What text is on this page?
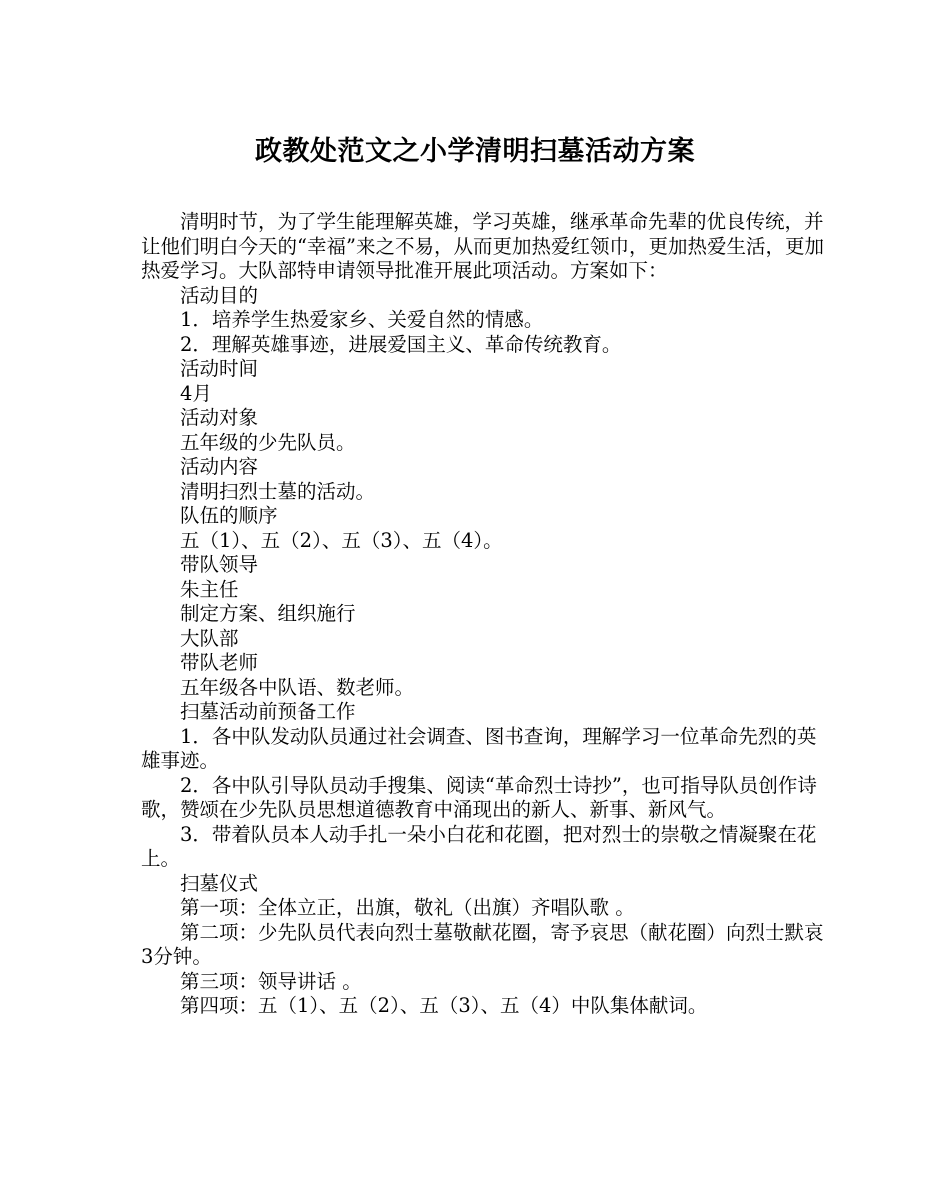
政教处范文之小学清明扫墓活动方案

清明时节，为了学生能理解英雄，学习英雄，继承革命先辈的优良传统，并让他们明白今天的“幸福”来之不易，从而更加热爱红领巾，更加热爱生活，更加热爱学习。大队部特申请领导批准开展此项活动。方案如下：

活动目的

1．培养学生热爱家乡、关爱自然的情感。

2．理解英雄事迹，进展爱国主义、革命传统教育。

活动时间

4月

活动对象

五年级的少先队员。

活动内容

清明扫烈士墓的活动。

队伍的顺序

五（1）、五（2）、五（3）、五（4）。

带队领导

朱主任

制定方案、组织施行

大队部

带队老师

五年级各中队语、数老师。

扫墓活动前预备工作

1．各中队发动队员通过社会调查、图书查询，理解学习一位革命先烈的英雄事迹。

2．各中队引导队员动手搜集、阅读“革命烈士诗抄”，也可指导队员创作诗歌，赞颂在少先队员思想道德教育中涌现出的新人、新事、新风气。

3．带着队员本人动手扎一朵小白花和花圈，把对烈士的崇敬之情凝聚在花上。

扫墓仪式

第一项：全体立正，出旗，敬礼（出旗）齐唱队歌 。

第二项：少先队员代表向烈士墓敬献花圈，寄予哀思（献花圈）向烈士默哀3分钟。

第三项：领导讲话 。

第四项：五（1）、五（2）、五（3）、五（4）中队集体献词。
